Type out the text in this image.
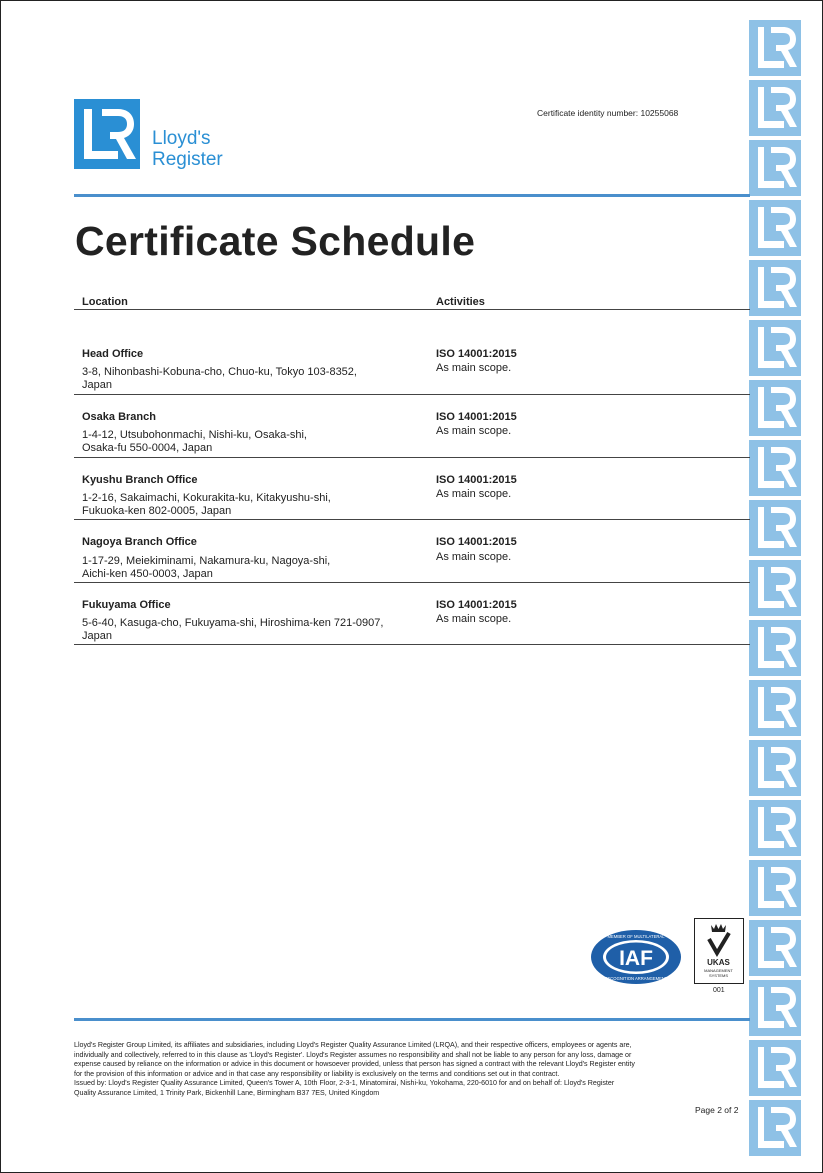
Lloyd's
Register
Certificate identity number: 10255068
Certificate Schedule
Location	Activities
Head Office
3-8, Nihonbashi-Kobuna-cho, Chuo-ku, Tokyo 103-8352,
Japan
ISO 14001:2015
As main scope.
Osaka Branch
1-4-12, Utsubohonmachi, Nishi-ku, Osaka-shi,
Osaka-fu 550-0004, Japan
ISO 14001:2015
As main scope.
Kyushu Branch Office
1-2-16, Sakaimachi, Kokurakita-ku, Kitakyushu-shi,
Fukuoka-ken 802-0005, Japan
ISO 14001:2015
As main scope.
Nagoya Branch Office
1-17-29, Meiekiminami, Nakamura-ku, Nagoya-shi,
Aichi-ken 450-0003, Japan
ISO 14001:2015
As main scope.
Fukuyama Office
5-6-40, Kasuga-cho, Fukuyama-shi, Hiroshima-ken 721-0907,
Japan
ISO 14001:2015
As main scope.
IAF
MEMBER OF MULTILATERAL
RECOGNITION ARRANGEMENT
UKAS
MANAGEMENT
SYSTEMS
001
Lloyd's Register Group Limited, its affiliates and subsidiaries, including Lloyd's Register Quality Assurance Limited (LRQA), and their respective officers, employees or agents are,
individually and collectively, referred to in this clause as 'Lloyd's Register'. Lloyd's Register assumes no responsibility and shall not be liable to any person for any loss, damage or
expense caused by reliance on the information or advice in this document or howsoever provided, unless that person has signed a contract with the relevant Lloyd's Register entity
for the provision of this information or advice and in that case any responsibility or liability is exclusively on the terms and conditions set out in that contract.
Issued by: Lloyd's Register Quality Assurance Limited, Queen's Tower A, 10th Floor, 2-3-1, Minatomirai, Nishi-ku, Yokohama, 220-6010 for and on behalf of: Lloyd's Register
Quality Assurance Limited, 1 Trinity Park, Bickenhill Lane, Birmingham B37 7ES, United Kingdom
Page 2 of 2
